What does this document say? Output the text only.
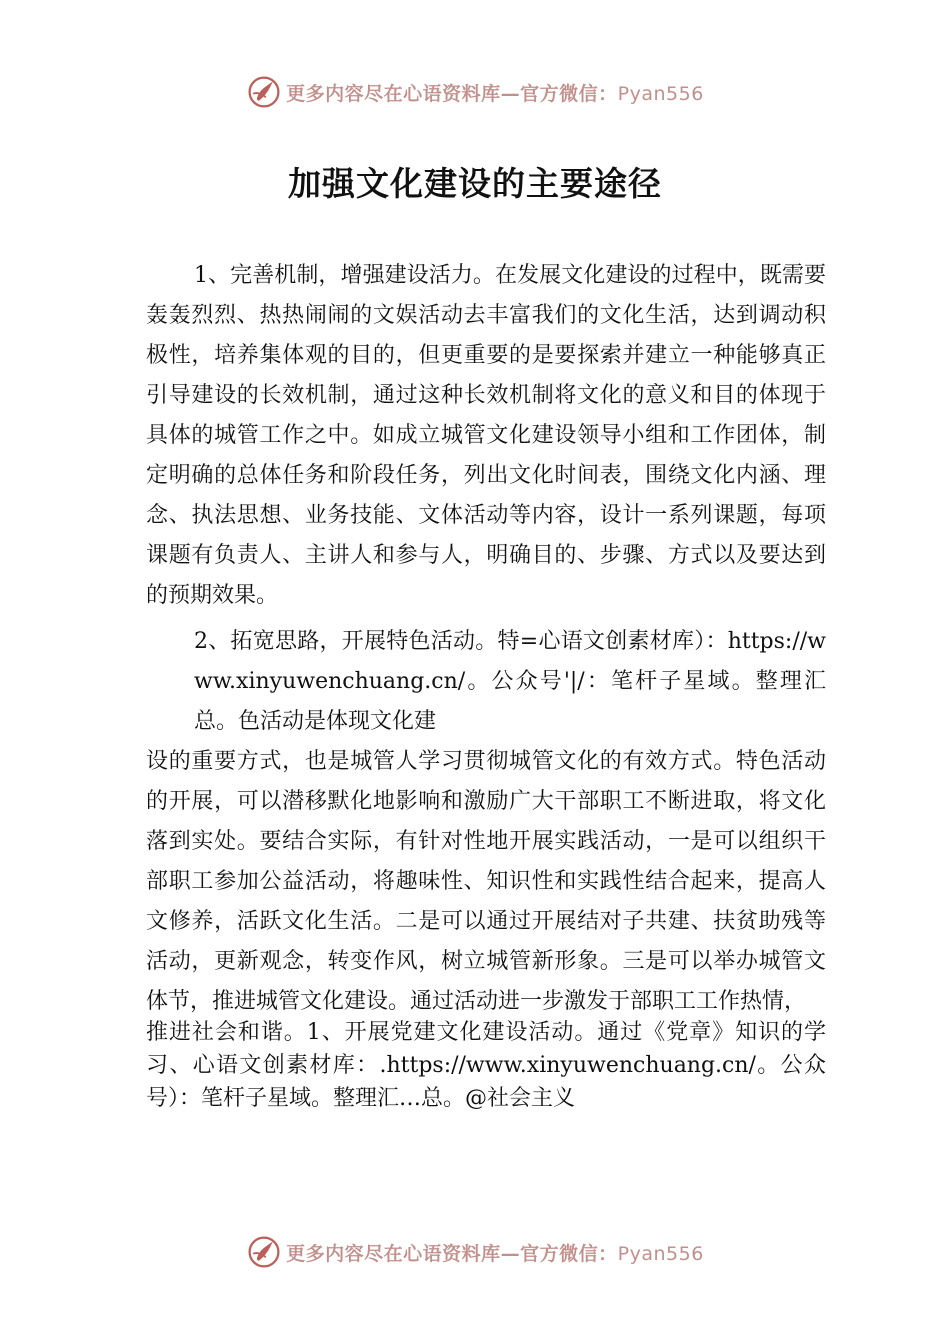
更多内容尽在心语资料库—官方微信：Pyan556
加强文化建设的主要途径

1、完善机制，增强建设活力。在发展文化建设的过程中，既需要轰轰烈烈、热热闹闹的文娱活动去丰富我们的文化生活，达到调动积极性，培养集体观的目的，但更重要的是要探索并建立一种能够真正引导建设的长效机制，通过这种长效机制将文化的意义和目的体现于具体的城管工作之中。如成立城管文化建设领导小组和工作团体，制定明确的总体任务和阶段任务，列出文化时间表，围绕文化内涵、理念、执法思想、业务技能、文体活动等内容，设计一系列课题，每项课题有负责人、主讲人和参与人，明确目的、步骤、方式以及要达到的预期效果。

2、拓宽思路，开展特色活动。特=心语文创素材库）：https://www.xinyuwenchuang.cn/。公众号'|/：笔杆子星域。整理汇总。色活动是体现文化建

设的重要方式，也是城管人学习贯彻城管文化的有效方式。特色活动的开展，可以潜移默化地影响和激励广大干部职工不断进取，将文化落到实处。要结合实际，有针对性地开展实践活动，一是可以组织干部职工参加公益活动，将趣味性、知识性和实践性结合起来，提高人文修养，活跃文化生活。二是可以通过开展结对子共建、扶贫助残等活动，更新观念，转变作风，树立城管新形象。三是可以举办城管文体节，推进城管文化建设。通过活动进一步激发于部职工工作热情，

推进社会和谐。1、开展党建文化建设活动。通过《党章》知识的学习、心语文创素材库：.https://www.xinyuwenchuang.cn/。公众号）：笔杆子星域。整理汇…总。@社会主义

更多内容尽在心语资料库—官方微信：Pyan556
